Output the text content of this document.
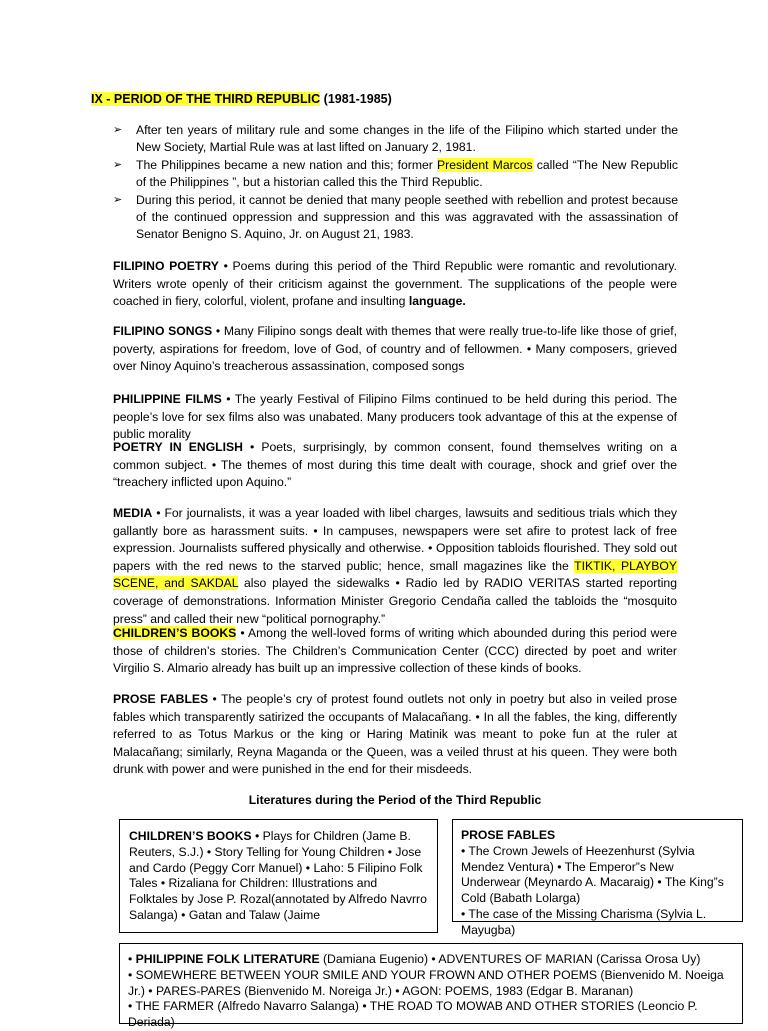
IX - PERIOD OF THE THIRD REPUBLIC (1981-1985)
➢ After ten years of military rule and some changes in the life of the Filipino which started under the New Society, Martial Rule was at last lifted on January 2, 1981.
➢ The Philippines became a new nation and this; former President Marcos called “The New Republic of the Philippines ”, but a historian called this the Third Republic.
➢ During this period, it cannot be denied that many people seethed with rebellion and protest because of the continued oppression and suppression and this was aggravated with the assassination of Senator Benigno S. Aquino, Jr. on August 21, 1983.

FILIPINO POETRY • Poems during this period of the Third Republic were romantic and revolutionary. Writers wrote openly of their criticism against the government. The supplications of the people were coached in fiery, colorful, violent, profane and insulting language.

FILIPINO SONGS • Many Filipino songs dealt with themes that were really true-to-life like those of grief, poverty, aspirations for freedom, love of God, of country and of fellowmen. • Many composers, grieved over Ninoy Aquino’s treacherous assassination, composed songs

PHILIPPINE FILMS • The yearly Festival of Filipino Films continued to be held during this period. The people’s love for sex films also was unabated. Many producers took advantage of this at the expense of public morality

POETRY IN ENGLISH • Poets, surprisingly, by common consent, found themselves writing on a common subject. • The themes of most during this time dealt with courage, shock and grief over the “treachery inflicted upon Aquino.”

MEDIA • For journalists, it was a year loaded with libel charges, lawsuits and seditious trials which they gallantly bore as harassment suits. • In campuses, newspapers were set afire to protest lack of free expression. Journalists suffered physically and otherwise. • Opposition tabloids flourished. They sold out papers with the red news to the starved public; hence, small magazines like the TIKTIK, PLAYBOY SCENE, and SAKDAL also played the sidewalks • Radio led by RADIO VERITAS started reporting coverage of demonstrations. Information Minister Gregorio Cendaña called the tabloids the “mosquito press” and called their new “political pornography.”

CHILDREN’S BOOKS • Among the well-loved forms of writing which abounded during this period were those of children’s stories. The Children’s Communication Center (CCC) directed by poet and writer Virgilio S. Almario already has built up an impressive collection of these kinds of books.

PROSE FABLES • The people’s cry of protest found outlets not only in poetry but also in veiled prose fables which transparently satirized the occupants of Malacañang. • In all the fables, the king, differently referred to as Totus Markus or the king or Haring Matinik was meant to poke fun at the ruler at Malacañang; similarly, Reyna Maganda or the Queen, was a veiled thrust at his queen. They were both drunk with power and were punished in the end for their misdeeds.

Literatures during the Period of the Third Republic

CHILDREN’S BOOKS • Plays for Children (Jame B. Reuters, S.J.) • Story Telling for Young Children • Jose and Cardo (Peggy Corr Manuel) • Laho: 5 Filipino Folk Tales • Rizaliana for Children: Illustrations and Folktales by Jose P. Rozal(annotated by Alfredo Navrro Salanga) • Gatan and Talaw (Jaime

PROSE FABLES

• The Crown Jewels of Heezenhurst (Sylvia Mendez Ventura) • The Emperor”s New Underwear (Meynardo A. Macaraig) • The King”s Cold (Babath Lolarga)

• The case of the Missing Charisma (Sylvia L. Mayugba)

• PHILIPPINE FOLK LITERATURE (Damiana Eugenio) • ADVENTURES OF MARIAN (Carissa Orosa Uy)

• SOMEWHERE BETWEEN YOUR SMILE AND YOUR FROWN AND OTHER POEMS (Bienvenido M. Noeiga Jr.) • PARES-PARES (Bienvenido M. Noreiga Jr.) • AGON: POEMS, 1983 (Edgar B. Maranan)

• THE FARMER (Alfredo Navarro Salanga) • THE ROAD TO MOWAB AND OTHER STORIES (Leoncio P. Deriada)
